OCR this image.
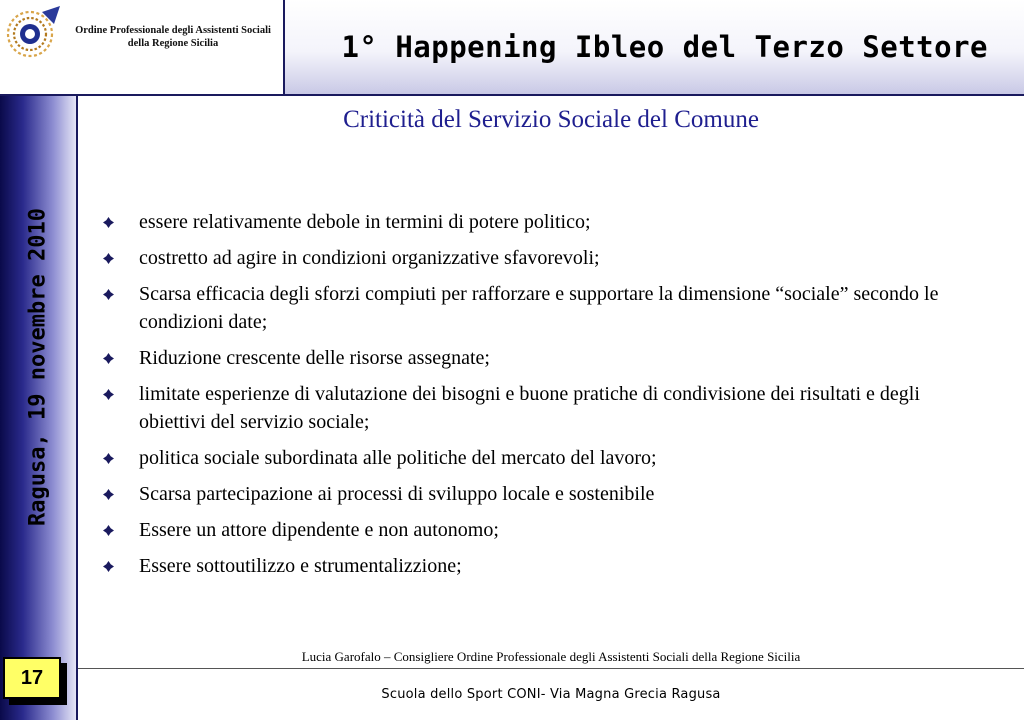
Ordine Professionale degli Assistenti Sociali
della Regione Sicilia	1° Happening Ibleo del Terzo Settore
Ragusa, 19 novembre 2010
17
Criticità del Servizio Sociale del Comune
essere relativamente debole in termini di potere politico;
costretto ad agire in condizioni organizzative sfavorevoli;
Scarsa efficacia degli sforzi compiuti per rafforzare e supportare la dimensione “sociale” secondo le condizioni date;
Riduzione crescente delle risorse assegnate;
limitate esperienze di valutazione dei bisogni e buone pratiche di condivisione dei risultati e degli obiettivi del servizio sociale;
politica sociale subordinata alle politiche del mercato del lavoro;
Scarsa partecipazione ai processi di sviluppo locale e sostenibile
Essere un attore dipendente e non autonomo;
Essere sottoutilizzo e strumentalizzione;
Lucia Garofalo – Consigliere Ordine Professionale degli Assistenti Sociali della Regione Sicilia
Scuola dello Sport CONI- Via Magna Grecia Ragusa
